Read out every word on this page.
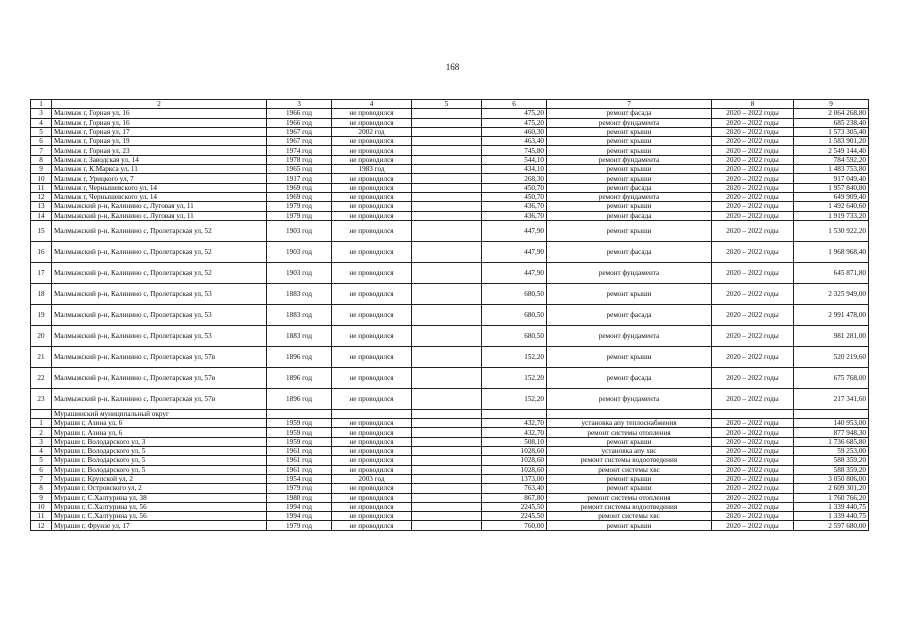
168
1	2	3	4	5	6	7	8	9
3	Малмыж г, Горная ул, 16	1966 год	не проводился		475,20	ремонт фасада	2020 – 2022 годы	2 064 268,80
4	Малмыж г, Горная ул, 16	1966 год	не проводился		475,20	ремонт фундамента	2020 – 2022 годы	685 238,40
5	Малмыж г, Горная ул, 17	1967 год	2002 год		460,30	ремонт крыши	2020 – 2022 годы	1 573 305,40
6	Малмыж г, Горная ул, 19	1967 год	не проводился		463,40	ремонт крыши	2020 – 2022 годы	1 583 901,20
7	Малмыж г, Горная ул, 23	1974 год	не проводился		745,80	ремонт крыши	2020 – 2022 годы	2 549 144,40
8	Малмыж г, Заводская ул, 14	1978 год	не проводился		544,10	ремонт фундамента	2020 – 2022 годы	784 592,20
9	Малмыж г, К.Маркса ул, 11	1965 год	1983 год		434,10	ремонт крыши	2020 – 2022 годы	1 483 753,80
10	Малмыж г, Урицкого ул, 7	1917 год	не проводился		268,30	ремонт крыши	2020 – 2022 годы	917 049,40
11	Малмыж г, Чернышевского ул, 14	1969 год	не проводился		450,70	ремонт фасада	2020 – 2022 годы	1 957 840,80
12	Малмыж г, Чернышевского ул, 14	1969 год	не проводился		450,70	ремонт фундамента	2020 – 2022 годы	649 909,40
13	Малмыжский р-н, Калинино с, Луговая ул, 11	1979 год	не проводился		436,70	ремонт крыши	2020 – 2022 годы	1 492 640,60
14	Малмыжский р-н, Калинино с, Луговая ул, 11	1979 год	не проводился		436,70	ремонт фасада	2020 – 2022 годы	1 919 733,20
15	Малмыжский р-н, Калинино с, Пролетарская ул, 52	1903 год	не проводился		447,90	ремонт крыши	2020 – 2022 годы	1 530 922,20
16	Малмыжский р-н, Калинино с, Пролетарская ул, 52	1903 год	не проводился		447,90	ремонт фасада	2020 – 2022 годы	1 968 968,40
17	Малмыжский р-н, Калинино с, Пролетарская ул, 52	1903 год	не проводился		447,90	ремонт фундамента	2020 – 2022 годы	645 871,80
18	Малмыжский р-н, Калинино с, Пролетарская ул, 53	1883 год	не проводился		680,50	ремонт крыши	2020 – 2022 годы	2 325 949,00
19	Малмыжский р-н, Калинино с, Пролетарская ул, 53	1883 год	не проводился		680,50	ремонт фасада	2020 – 2022 годы	2 991 478,00
20	Малмыжский р-н, Калинино с, Пролетарская ул, 53	1883 год	не проводился		680,50	ремонт фундамента	2020 – 2022 годы	981 281,00
21	Малмыжский р-н, Калинино с, Пролетарская ул, 57в	1896 год	не проводился		152,20	ремонт крыши	2020 – 2022 годы	520 219,60
22	Малмыжский р-н, Калинино с, Пролетарская ул, 57в	1896 год	не проводился		152,20	ремонт фасада	2020 – 2022 годы	675 768,00
23	Малмыжский р-н, Калинино с, Пролетарская ул, 57в	1896 год	не проводился		152,20	ремонт фундамента	2020 – 2022 годы	217 341,60
	Мурашинский муниципальный округ							
1	Мураши г, Азина ул, 6	1959 год	не проводился		432,70	установка апу теплоснабжения	2020 – 2022 годы	140 953,00
2	Мураши г, Азина ул, 6	1959 год	не проводился		432,70	ремонт системы отопления	2020 – 2022 годы	877 948,30
3	Мураши г, Володарского ул, 3	1959 год	не проводился		508,10	ремонт крыши	2020 – 2022 годы	1 736 685,80
4	Мураши г, Володарского ул, 5	1961 год	не проводился		1028,60	установка апу хвс	2020 – 2022 годы	59 253,00
5	Мураши г, Володарского ул, 5	1961 год	не проводился		1028,60	ремонт системы водоотведения	2020 – 2022 годы	588 359,20
6	Мураши г, Володарского ул, 5	1961 год	не проводился		1028,60	ремонт системы хвс	2020 – 2022 годы	588 359,20
7	Мураши г, Крупской ул, 2	1954 год	2003 год		1373,00	ремонт крыши	2020 – 2022 годы	3 050 806,00
8	Мураши г, Островского ул, 2	1979 год	не проводился		763,40	ремонт крыши	2020 – 2022 годы	2 609 301,20
9	Мураши г, С.Халтурина ул, 38	1980 год	не проводился		867,80	ремонт системы отопления	2020 – 2022 годы	1 760 766,20
10	Мураши г, С.Халтурина ул, 56	1994 год	не проводился		2245,50	ремонт системы водоотведения	2020 – 2022 годы	1 339 440,75
11	Мураши г, С.Халтурина ул, 56	1994 год	не проводился		2245,50	ремонт системы хвс	2020 – 2022 годы	1 339 440,75
12	Мураши г, Фрунзе ул, 17	1979 год	не проводился		760,00	ремонт крыши	2020 – 2022 годы	2 597 680,00
